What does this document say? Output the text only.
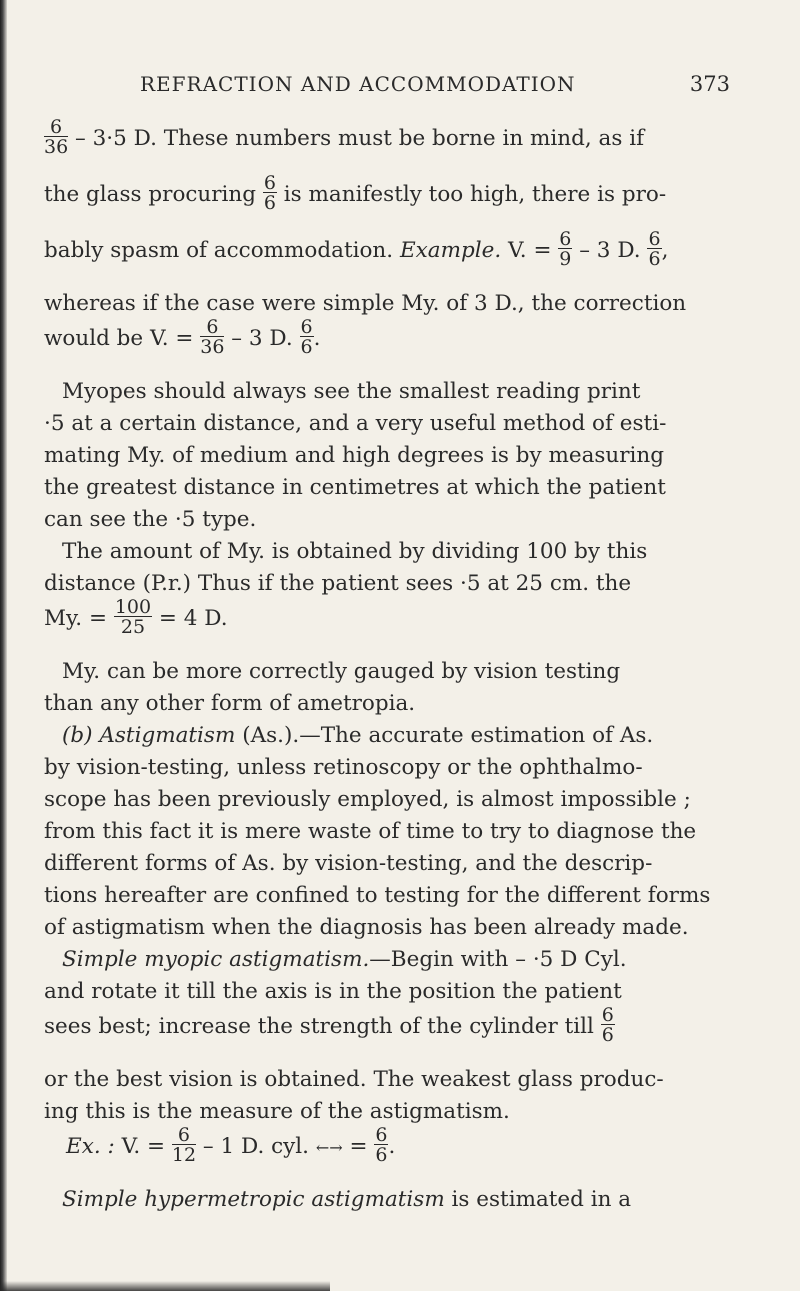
REFRACTION AND ACCOMMODATION	373
$\frac{6}{36} - 3\cdot 5$ D. These numbers must be borne in mind, as if
the glass procuring $\frac{6}{6}$ is manifestly too high, there is pro-
bably spasm of accommodation. Example. V. = $\frac{6}{9} - 3$ D. $\frac{6}{6}$ ,
whereas if the case were simple My. of 3 D., the correction
would be V. = $\frac{6}{36} - 3$ D. $\frac{6}{6}$ .
Myopes should always see the smallest reading print
·5 at a certain distance, and a very useful method of esti-
mating My. of medium and high degrees is by measuring
the greatest distance in centimetres at which the patient
can see the ·5 type.
The amount of My. is obtained by dividing 100 by this
distance (P.r.) Thus if the patient sees ·5 at 25 cm. the
My. = $\frac{100}{25} = 4$ D.
My. can be more correctly gauged by vision testing
than any other form of ametropia.
(b) Astigmatism (As.).—The accurate estimation of As.
by vision-testing, unless retinoscopy or the ophthalmo-
scope has been previously employed, is almost impossible ;
from this fact it is mere waste of time to try to diagnose the
different forms of As. by vision-testing, and the descrip-
tions hereafter are confined to testing for the different forms
of astigmatism when the diagnosis has been already made.
Simple myopic astigmatism.—Begin with – ·5 D Cyl.
and rotate it till the axis is in the position the patient
sees best; increase the strength of the cylinder till $\frac{6}{6}$
or the best vision is obtained. The weakest glass produc-
ing this is the measure of the astigmatism.
Ex. : V. = $\frac{6}{12} - 1$ D. cyl. ←→ = $\frac{6}{6}$ .
Simple hypermetropic astigmatism is estimated in a
